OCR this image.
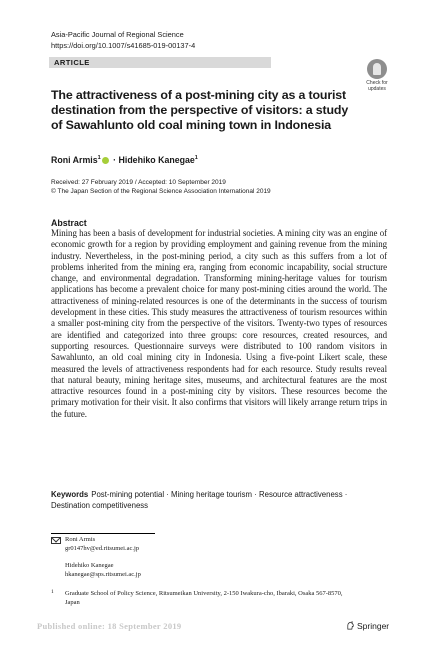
Asia-Pacific Journal of Regional Science
https://doi.org/10.1007/s41685-019-00137-4
ARTICLE
Check for
updates
The attractiveness of a post-mining city as a tourist destination from the perspective of visitors: a study of Sawahlunto old coal mining town in Indonesia
Roni Armis$^1$ · Hidehiko Kanegae$^1$
Received: 27 February 2019 / Accepted: 10 September 2019
© The Japan Section of the Regional Science Association International 2019
Abstract
Mining has been a basis of development for industrial societies. A mining city was an engine of economic growth for a region by providing employment and gaining revenue from the mining industry. Nevertheless, in the post-mining period, a city such as this suffers from a lot of problems inherited from the mining era, ranging from economic incapability, social structure change, and environmental degradation. Transforming mining-heritage values for tourism applications has become a prevalent choice for many post-mining cities around the world. The attractiveness of mining-related resources is one of the determinants in the success of tourism development in these cities. This study measures the attractiveness of tourism resources within a smaller post-mining city from the perspective of the visitors. Twenty-two types of resources are identified and categorized into three groups: core resources, created resources, and supporting resources. Questionnaire surveys were distributed to 100 random visitors in Sawahlunto, an old coal mining city in Indonesia. Using a five-point Likert scale, these measured the levels of attractiveness respondents had for each resource. Study results reveal that natural beauty, mining heritage sites, museums, and architectural features are the most attractive resources found in a post-mining city by visitors. These resources become the primary motivation for their visit. It also confirms that visitors will likely arrange return trips in the future.
Keywords Post-mining potential · Mining heritage tourism · Resource attractiveness · Destination competitiveness
Roni Armis
gr0147hv@ed.ritsumei.ac.jp
Hidehiko Kanegae
hkanegae@sps.ritsumei.ac.jp
1 Graduate School of Policy Science, Ritsumeikan University, 2-150 Iwakura-cho, Ibaraki, Osaka 567-8570, Japan
Published online: 18 September 2019	Springer
